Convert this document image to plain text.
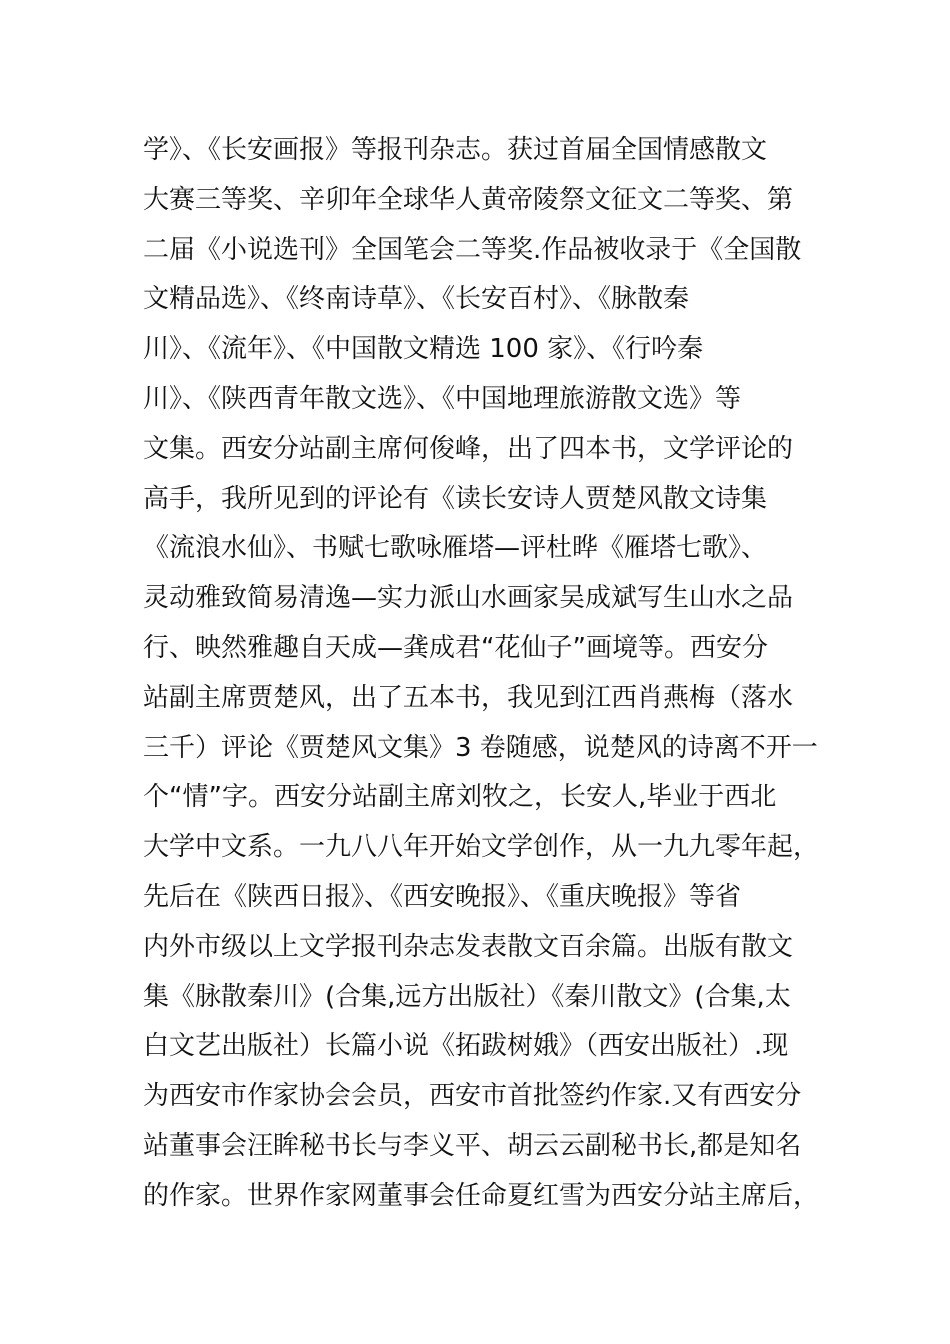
学》、《长安画报》等报刊杂志。获过首届全国情感散文
大赛三等奖、辛卯年全球华人黄帝陵祭文征文二等奖、第
二届《小说选刊》全国笔会二等奖.作品被收录于《全国散
文精品选》、《终南诗草》、《长安百村》、《脉散秦
川》、《流年》、《中国散文精选 100 家》、《行吟秦
川》、《陕西青年散文选》、《中国地理旅游散文选》等
文集。西安分站副主席何俊峰，出了四本书，文学评论的
高手，我所见到的评论有《读长安诗人贾楚风散文诗集
《流浪水仙》、书赋七歌咏雁塔—评杜晔《雁塔七歌》、
灵动雅致简易清逸—实力派山水画家吴成斌写生山水之品
行、映然雅趣自天成—龚成君“花仙子”画境等。西安分
站副主席贾楚风，出了五本书，我见到江西肖燕梅（落水
三千）评论《贾楚风文集》3 卷随感，说楚风的诗离不开一
个“情”字。西安分站副主席刘牧之，长安人,毕业于西北
大学中文系。一九八八年开始文学创作，从一九九零年起，
先后在《陕西日报》、《西安晚报》、《重庆晚报》等省
内外市级以上文学报刊杂志发表散文百余篇。出版有散文
集《脉散秦川》(合集,远方出版社）《秦川散文》(合集,太
白文艺出版社）长篇小说《拓跋树娥》（西安出版社）.现
为西安市作家协会会员，西安市首批签约作家.又有西安分
站董事会汪眸秘书长与李义平、胡云云副秘书长,都是知名
的作家。世界作家网董事会任命夏红雪为西安分站主席后，
